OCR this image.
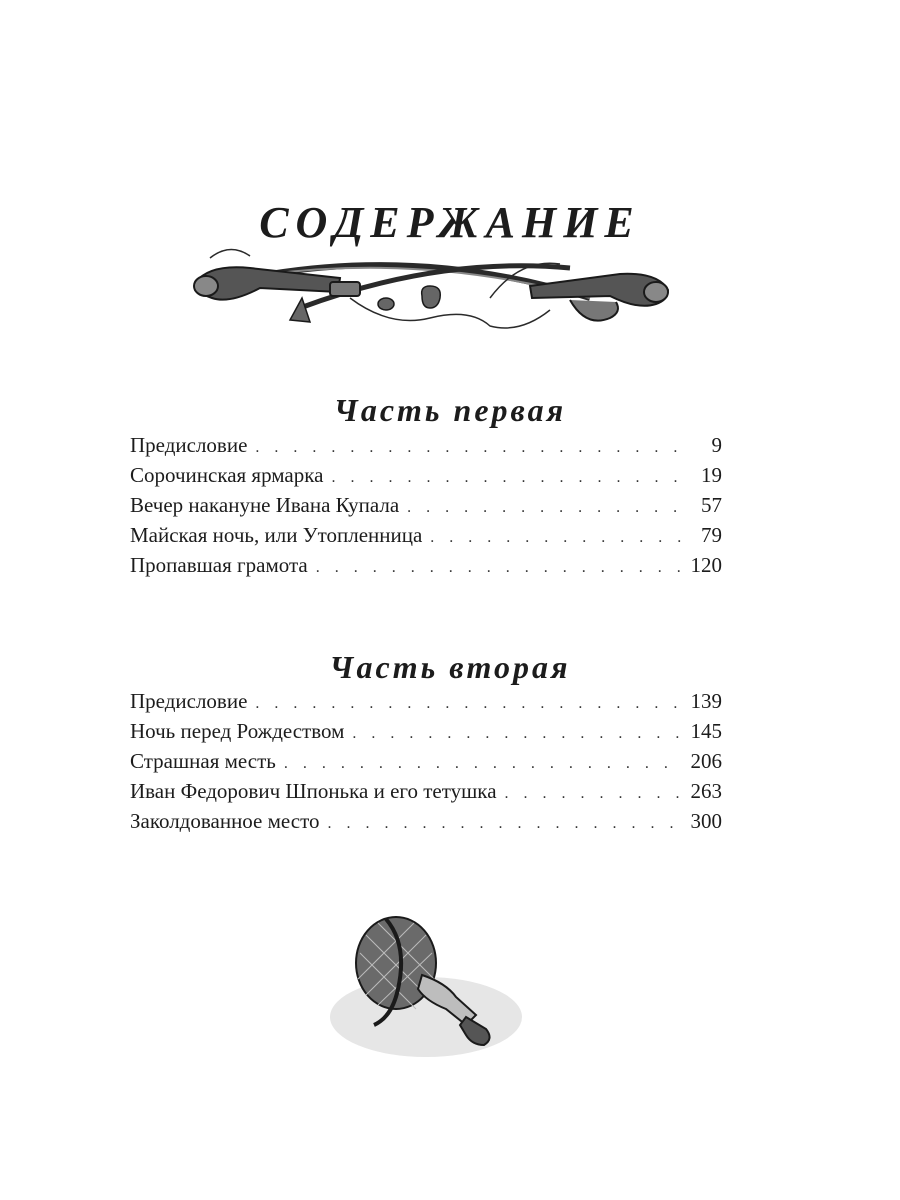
СОДЕРЖАНИЕ
Часть первая
Предисловие . . .	9
Сорочинская ярмарка . . .	19
Вечер накануне Ивана Купала . . .	57
Майская ночь, или Утопленница . . .	79
Пропавшая грамота . . .	120
Часть вторая
Предисловие . . .	139
Ночь перед Рождеством . . .	145
Страшная месть . . .	206
Иван Федорович Шпонька и его тетушка . . .	263
Заколдованное место . . .	300
